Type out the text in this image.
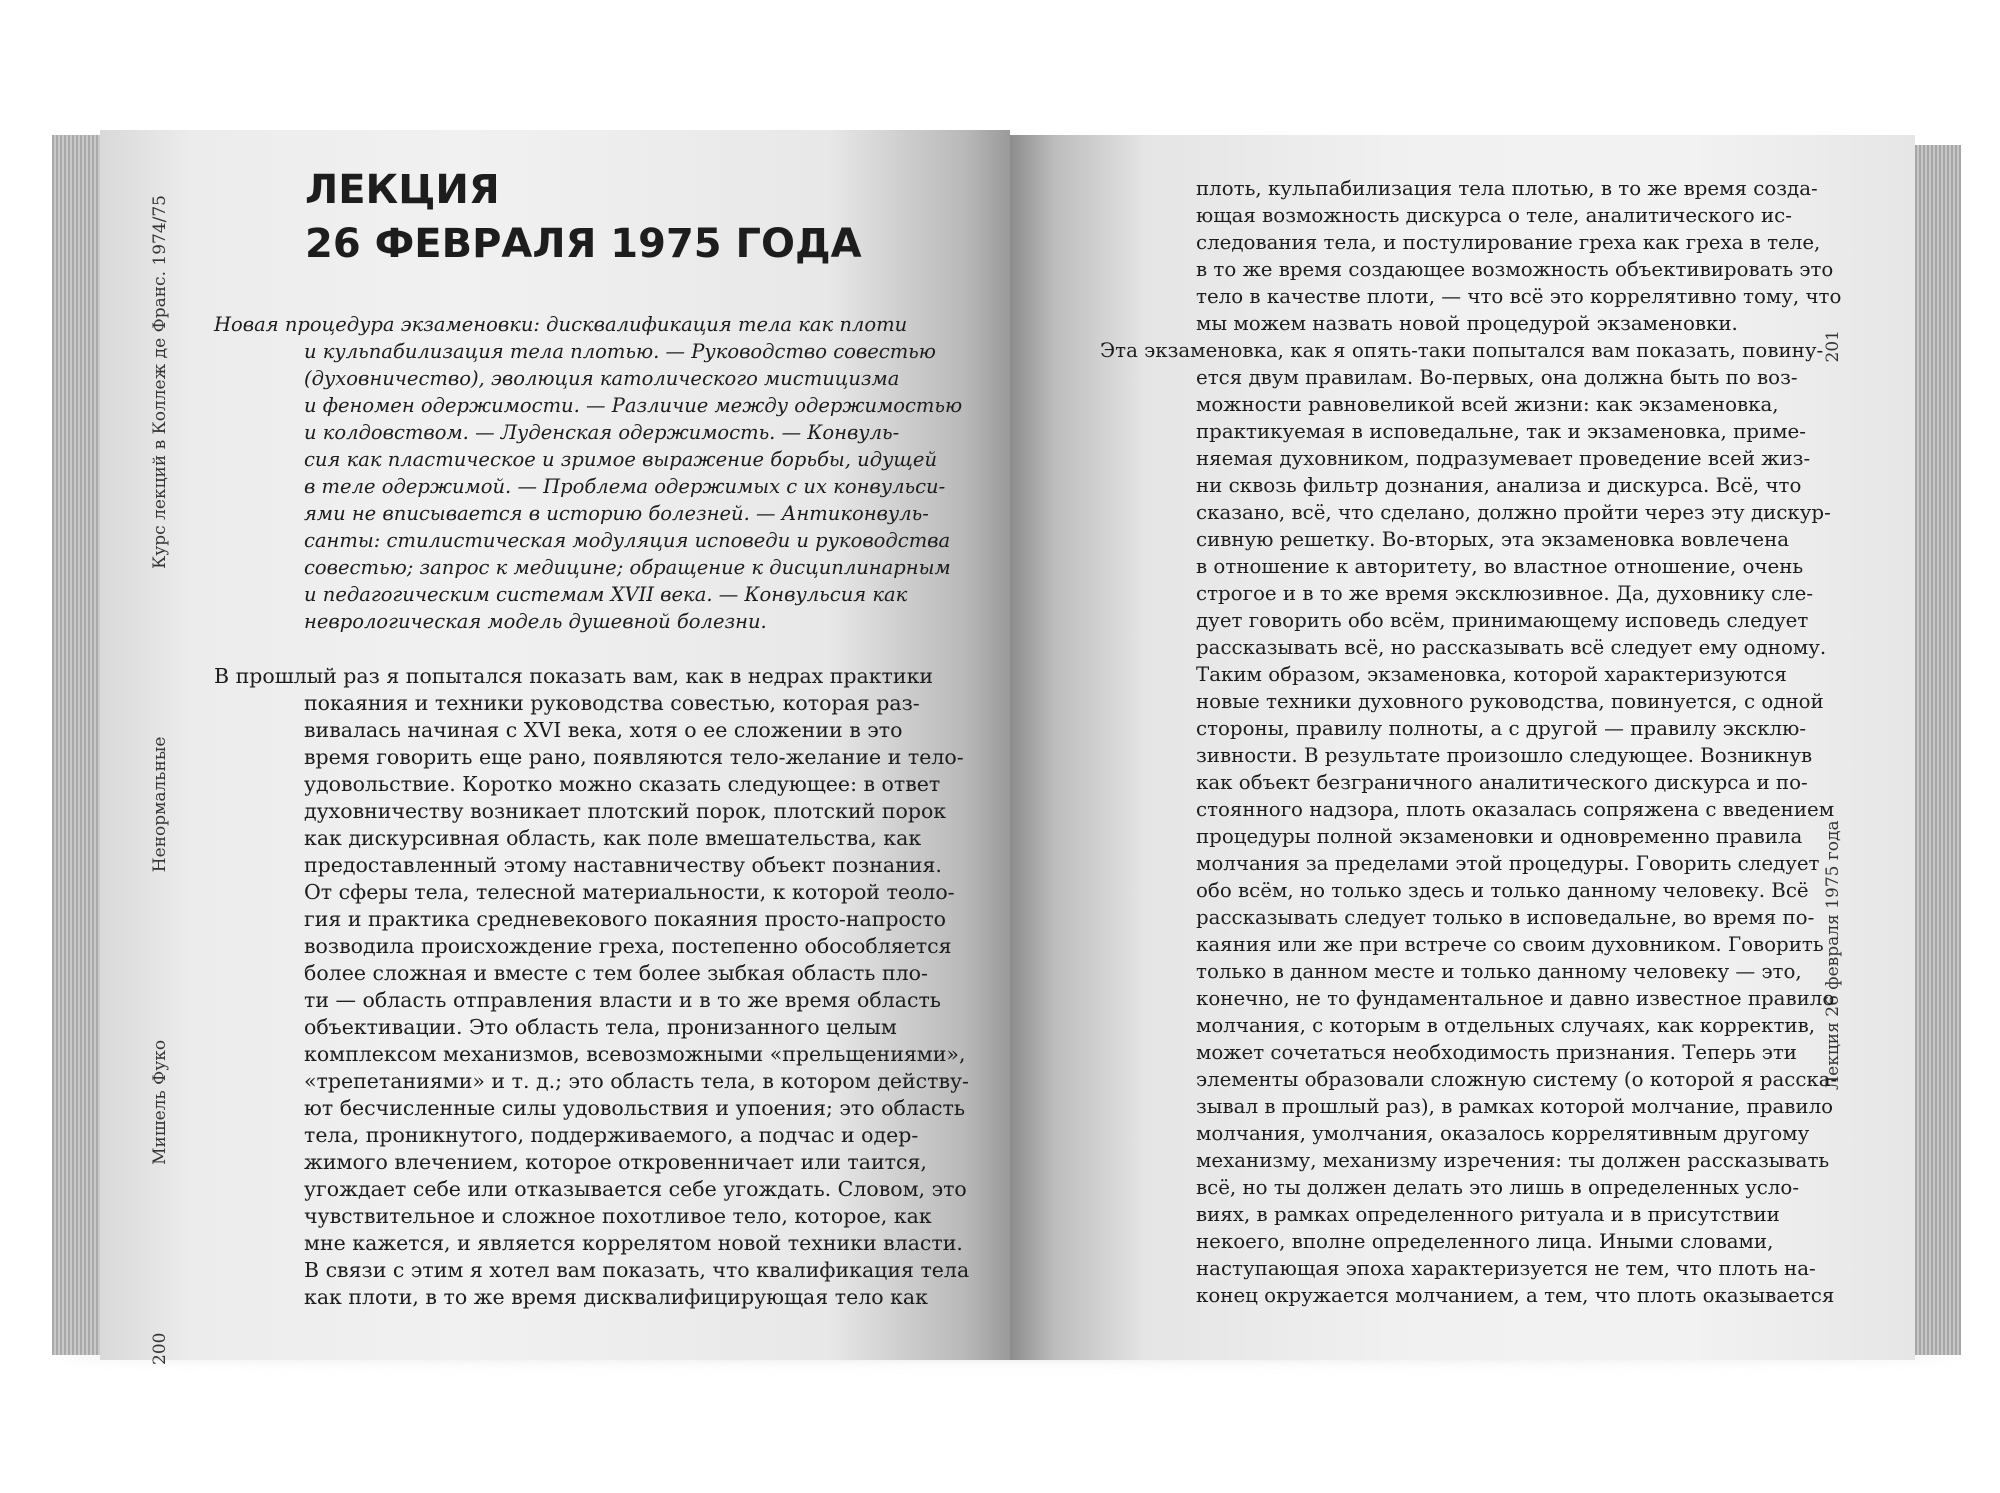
200
Мишель Фуко
Ненормальные
Курс лекций в Коллеж де Франс. 1974/75
Лекция 26 февраля 1975 года
201
ЛЕКЦИЯ
26 ФЕВРАЛЯ 1975 ГОДА
Новая процедура экзаменовки: дисквалификация тела как плоти
и кульпабилизация тела плотью. — Руководство совестью
(духовничество), эволюция католического мистицизма
и феномен одержимости. — Различие между одержимостью
и колдовством. — Луденская одержимость. — Конвуль-
сия как пластическое и зримое выражение борьбы, идущей
в теле одержимой. — Проблема одержимых с их конвульси-
ями не вписывается в историю болезней. — Антиконвуль-
санты: стилистическая модуляция исповеди и руководства
совестью; запрос к медицине; обращение к дисциплинарным
и педагогическим системам XVII века. — Конвульсия как
неврологическая модель душевной болезни.
В прошлый раз я попытался показать вам, как в недрах практики
покаяния и техники руководства совестью, которая раз-
вивалась начиная с XVI века, хотя о ее сложении в это
время говорить еще рано, появляются тело-желание и тело-
удовольствие. Коротко можно сказать следующее: в ответ
духовничеству возникает плотский порок, плотский порок
как дискурсивная область, как поле вмешательства, как
предоставленный этому наставничеству объект познания.
От сферы тела, телесной материальности, к которой теоло-
гия и практика средневекового покаяния просто-напросто
возводила происхождение греха, постепенно обособляется
более сложная и вместе с тем более зыбкая область пло-
ти — область отправления власти и в то же время область
объективации. Это область тела, пронизанного целым
комплексом механизмов, всевозможными «прельщениями»,
«трепетаниями» и т. д.; это область тела, в котором действу-
ют бесчисленные силы удовольствия и упоения; это область
тела, проникнутого, поддерживаемого, а подчас и одер-
жимого влечением, которое откровенничает или таится,
угождает себе или отказывается себе угождать. Словом, это
чувствительное и сложное похотливое тело, которое, как
мне кажется, и является коррелятом новой техники власти.
В связи с этим я хотел вам показать, что квалификация тела
как плоти, в то же время дисквалифицирующая тело как
плоть, кульпабилизация тела плотью, в то же время созда-
ющая возможность дискурса о теле, аналитического ис-
следования тела, и постулирование греха как греха в теле,
в то же время создающее возможность объективировать это
тело в качестве плоти, — что всё это коррелятивно тому, что
мы можем назвать новой процедурой экзаменовки.
Эта экзаменовка, как я опять-таки попытался вам показать, повину-
ется двум правилам. Во-первых, она должна быть по воз-
можности равновеликой всей жизни: как экзаменовка,
практикуемая в исповедальне, так и экзаменовка, приме-
няемая духовником, подразумевает проведение всей жиз-
ни сквозь фильтр дознания, анализа и дискурса. Всё, что
сказано, всё, что сделано, должно пройти через эту дискур-
сивную решетку. Во-вторых, эта экзаменовка вовлечена
в отношение к авторитету, во властное отношение, очень
строгое и в то же время эксклюзивное. Да, духовнику сле-
дует говорить обо всём, принимающему исповедь следует
рассказывать всё, но рассказывать всё следует ему одному.
Таким образом, экзаменовка, которой характеризуются
новые техники духовного руководства, повинуется, с одной
стороны, правилу полноты, а с другой — правилу эксклю-
зивности. В результате произошло следующее. Возникнув
как объект безграничного аналитического дискурса и по-
стоянного надзора, плоть оказалась сопряжена с введением
процедуры полной экзаменовки и одновременно правила
молчания за пределами этой процедуры. Говорить следует
обо всём, но только здесь и только данному человеку. Всё
рассказывать следует только в исповедальне, во время по-
каяния или же при встрече со своим духовником. Говорить
только в данном месте и только данному человеку — это,
конечно, не то фундаментальное и давно известное правило
молчания, с которым в отдельных случаях, как корректив,
может сочетаться необходимость признания. Теперь эти
элементы образовали сложную систему (о которой я расска-
зывал в прошлый раз), в рамках которой молчание, правило
молчания, умолчания, оказалось коррелятивным другому
механизму, механизму изречения: ты должен рассказывать
всё, но ты должен делать это лишь в определенных усло-
виях, в рамках определенного ритуала и в присутствии
некоего, вполне определенного лица. Иными словами,
наступающая эпоха характеризуется не тем, что плоть на-
конец окружается молчанием, а тем, что плоть оказывается
